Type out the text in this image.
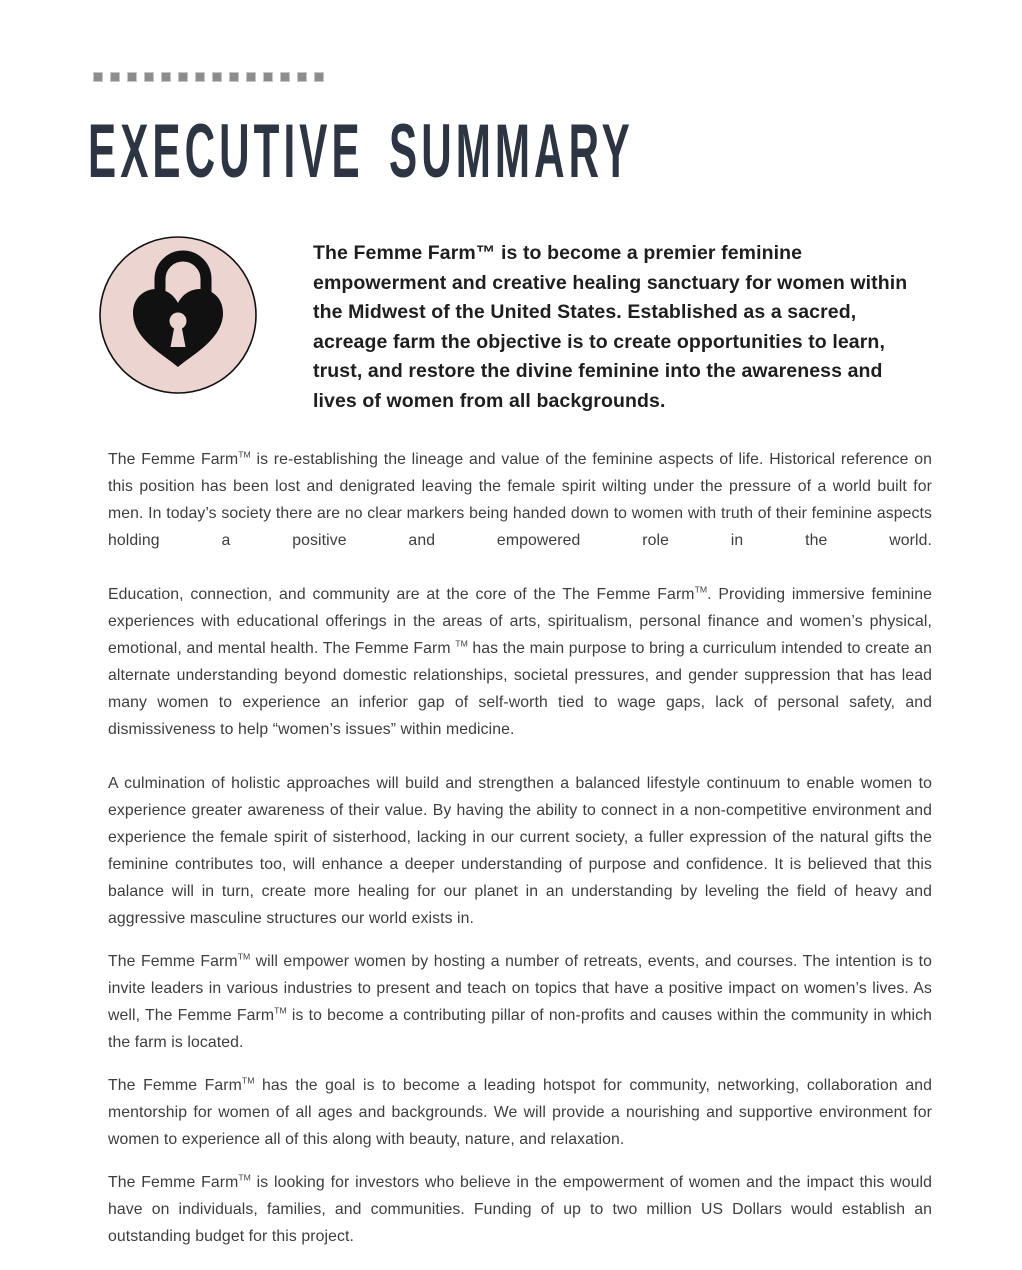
EXECUTIVE SUMMARY
The Femme Farm™ is to become a premier feminine empowerment and creative healing sanctuary for women within the Midwest of the United States. Established as a sacred, acreage farm the objective is to create opportunities to learn, trust, and restore the divine feminine into the awareness and lives of women from all backgrounds.

The Femme Farm™ is re-establishing the lineage and value of the feminine aspects of life. Historical reference on this position has been lost and denigrated leaving the female spirit wilting under the pressure of a world built for men. In today’s society there are no clear markers being handed down to women with truth of their feminine aspects holding a positive and empowered role in the world.

Education, connection, and community are at the core of the The Femme Farm™. Providing immersive feminine experiences with educational offerings in the areas of arts, spiritualism, personal finance and women’s physical, emotional, and mental health. The Femme Farm ™ has the main purpose to bring a curriculum intended to create an alternate understanding beyond domestic relationships, societal pressures, and gender suppression that has lead many women to experience an inferior gap of self-worth tied to wage gaps, lack of personal safety, and dismissiveness to help “women’s issues” within medicine.

A culmination of holistic approaches will build and strengthen a balanced lifestyle continuum to enable women to experience greater awareness of their value. By having the ability to connect in a non-competitive environment and experience the female spirit of sisterhood, lacking in our current society, a fuller expression of the natural gifts the feminine contributes too, will enhance a deeper understanding of purpose and confidence. It is believed that this balance will in turn, create more healing for our planet in an understanding by leveling the field of heavy and aggressive masculine structures our world exists in.

The Femme Farm™ will empower women by hosting a number of retreats, events, and courses. The intention is to invite leaders in various industries to present and teach on topics that have a positive impact on women’s lives. As well, The Femme Farm™ is to become a contributing pillar of non-profits and causes within the community in which the farm is located.

The Femme Farm™ has the goal is to become a leading hotspot for community, networking, collaboration and mentorship for women of all ages and backgrounds. We will provide a nourishing and supportive environment for women to experience all of this along with beauty, nature, and relaxation.

The Femme Farm™ is looking for investors who believe in the empowerment of women and the impact this would have on individuals, families, and communities. Funding of up to two million US Dollars would establish an outstanding budget for this project.
